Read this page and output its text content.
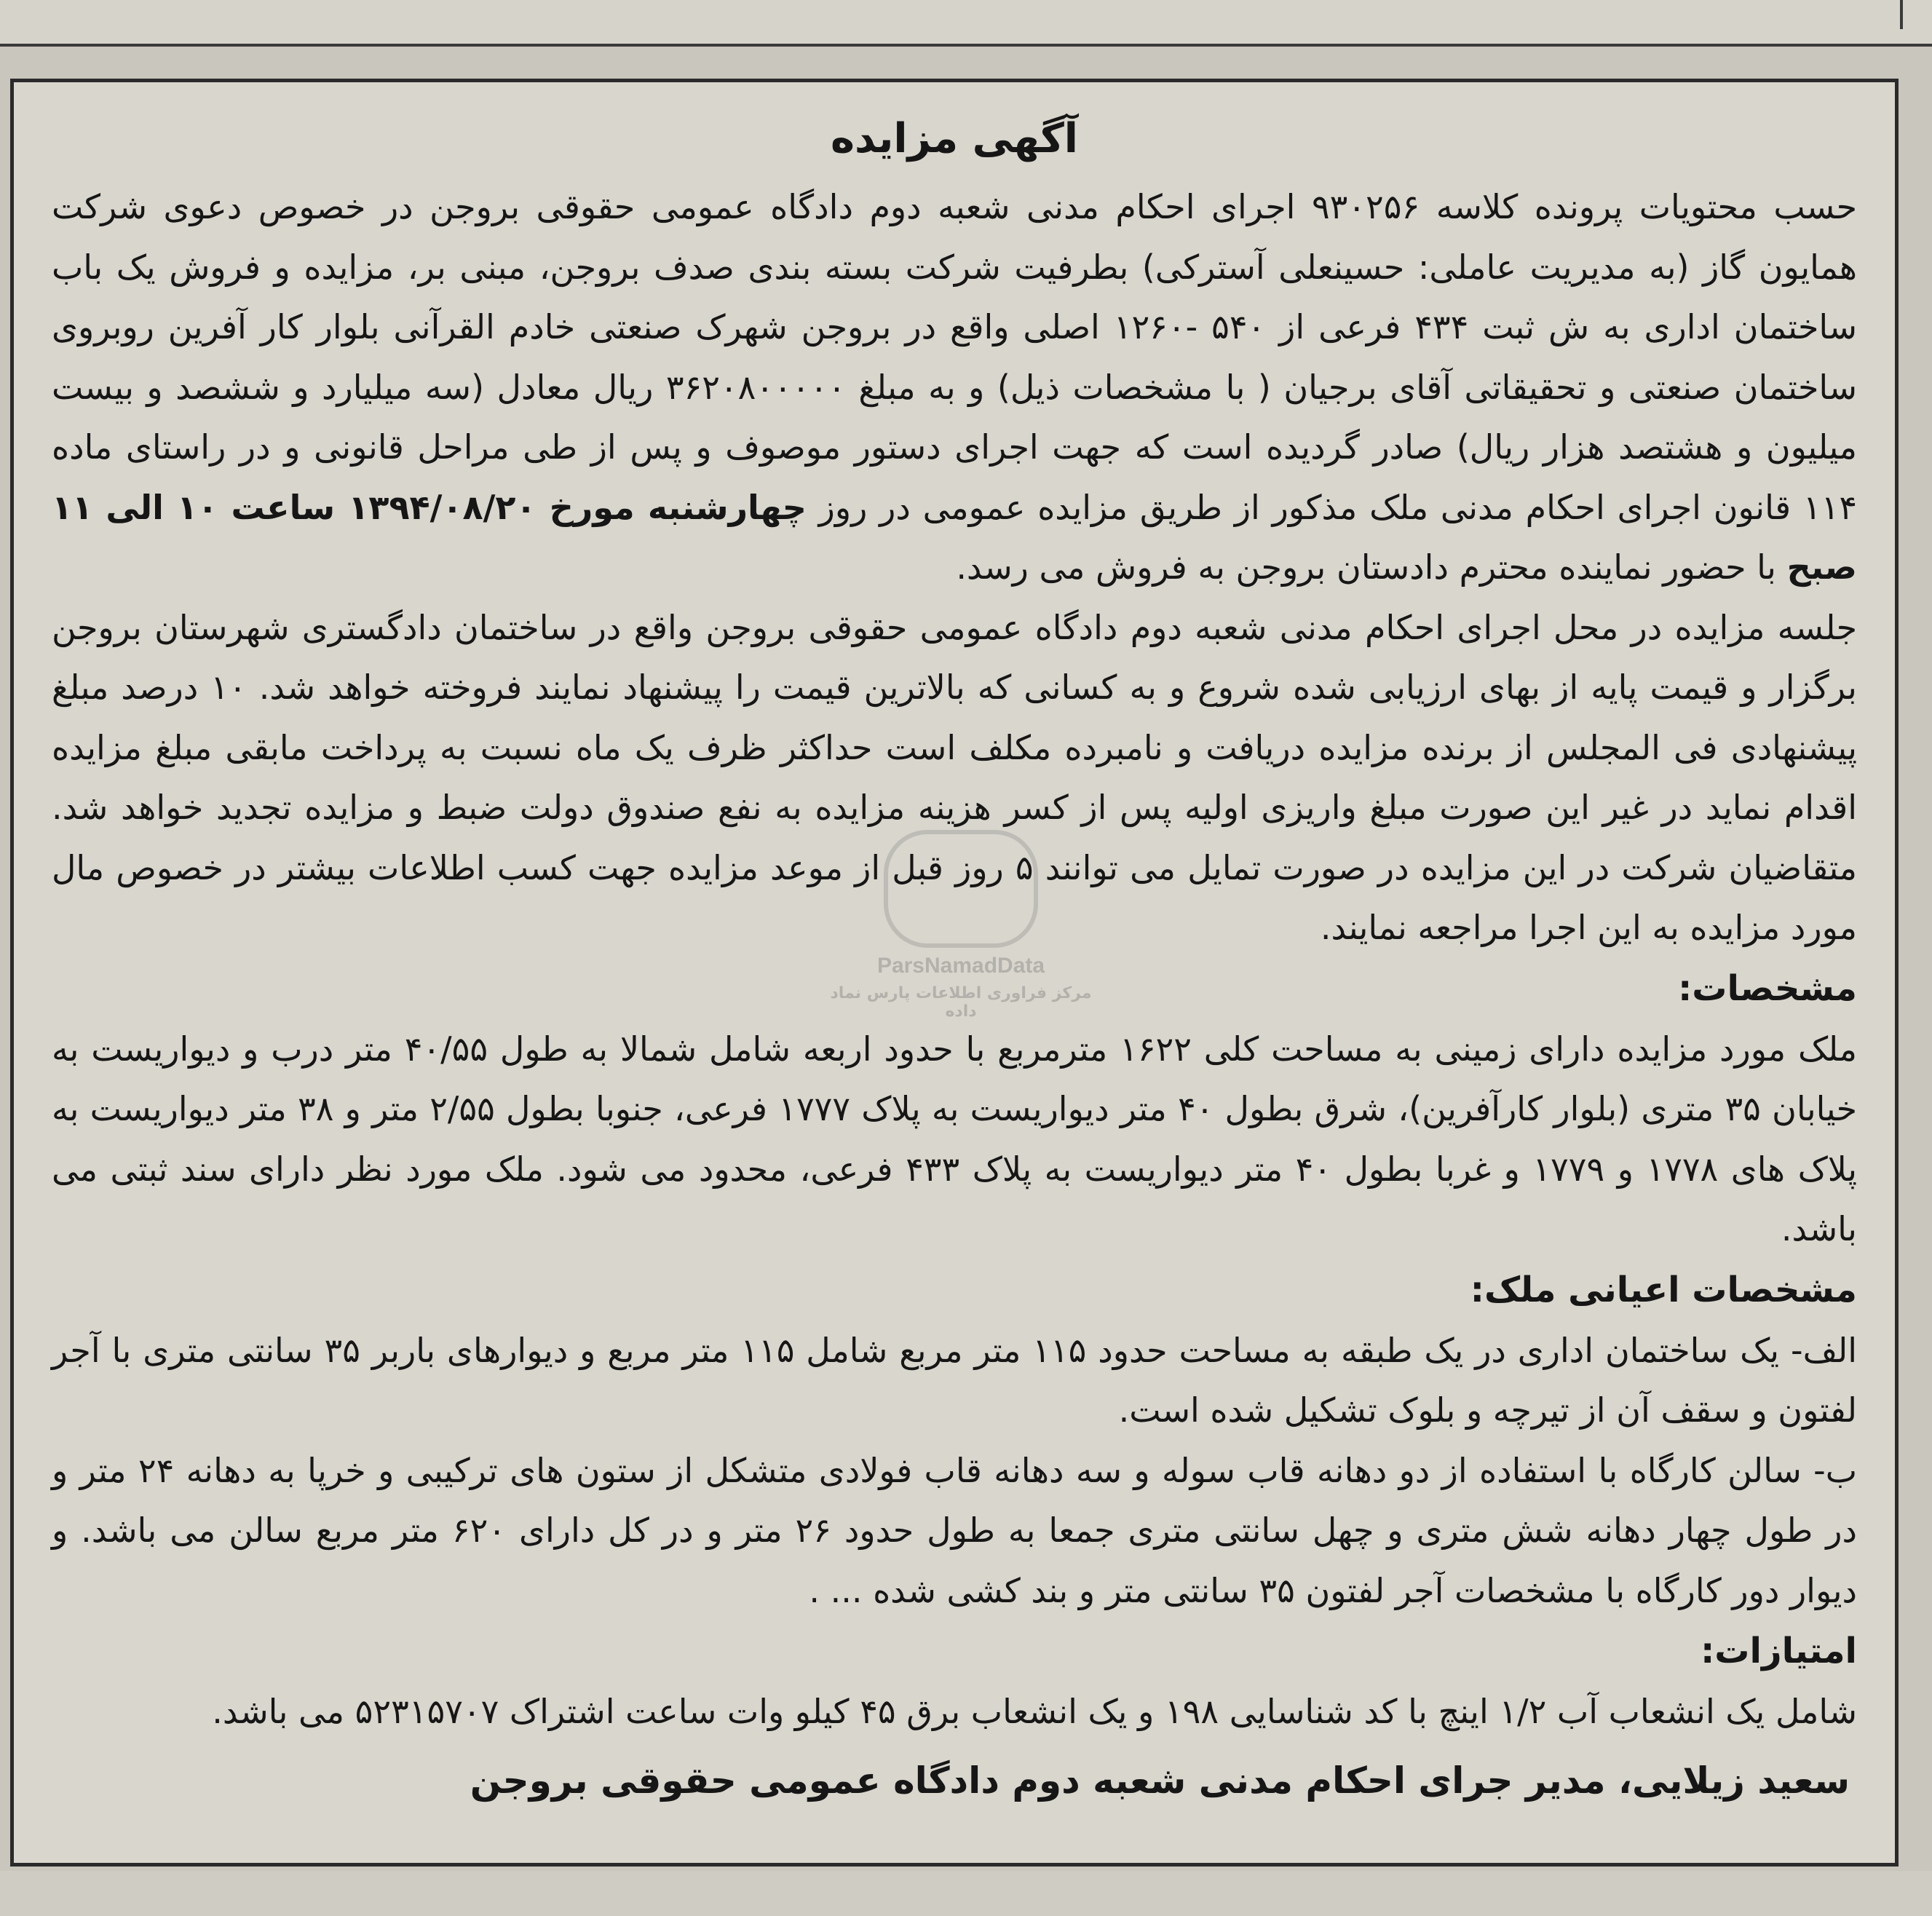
آگهی مزایده

حسب محتویات پرونده کلاسه ۹۳۰۲۵۶ اجرای احکام مدنی شعبه دوم دادگاه عمومی حقوقی بروجن در خصوص دعوی شرکت همایون گاز (به مدیریت عاملی: حسینعلی آسترکی) بطرفیت شرکت بسته بندی صدف بروجن، مبنی بر، مزایده و فروش یک باب ساختمان اداری به ش ثبت ۴۳۴ فرعی از ۵۴۰ -۱۲۶۰ اصلی واقع در بروجن شهرک صنعتی خادم القرآنی بلوار کار آفرین روبروی ساختمان صنعتی و تحقیقاتی آقای برجیان ( با مشخصات ذیل) و به مبلغ ۳۶۲۰۸۰۰۰۰۰ ریال معادل (سه میلیارد و ششصد و بیست میلیون و هشتصد هزار ریال) صادر گردیده است که جهت اجرای دستور موصوف و پس از طی مراحل قانونی و در راستای ماده ۱۱۴ قانون اجرای احکام مدنی ملک مذکور از طریق مزایده عمومی در روز چهارشنبه مورخ ۱۳۹۴/۰۸/۲۰ ساعت ۱۰ الی ۱۱ صبح با حضور نماینده محترم دادستان بروجن به فروش می رسد.

جلسه مزایده در محل اجرای احکام مدنی شعبه دوم دادگاه عمومی حقوقی بروجن واقع در ساختمان دادگستری شهرستان بروجن برگزار و قیمت پایه از بهای ارزیابی شده شروع و به کسانی که بالاترین قیمت را پیشنهاد نمایند فروخته خواهد شد. ۱۰ درصد مبلغ پیشنهادی فی المجلس از برنده مزایده دریافت و نامبرده مکلف است حداکثر ظرف یک ماه نسبت به پرداخت مابقی مبلغ مزایده اقدام نماید در غیر این صورت مبلغ واریزی اولیه پس از کسر هزینه مزایده به نفع صندوق دولت ضبط و مزایده تجدید خواهد شد. متقاضیان شرکت در این مزایده در صورت تمایل می توانند ۵ روز قبل از موعد مزایده جهت کسب اطلاعات بیشتر در خصوص مال مورد مزایده به این اجرا مراجعه نمایند.

مشخصات:

ملک مورد مزایده دارای زمینی به مساحت کلی ۱۶۲۲ مترمربع با حدود اربعه شامل شمالا به طول ۴۰/۵۵ متر درب و دیواریست به خیابان ۳۵ متری (بلوار کارآفرین)، شرق بطول ۴۰ متر دیواریست به پلاک ۱۷۷۷ فرعی، جنوبا بطول ۲/۵۵ متر و ۳۸ متر دیواریست به پلاک های ۱۷۷۸ و ۱۷۷۹ و غربا بطول ۴۰ متر دیواریست به پلاک ۴۳۳ فرعی، محدود می شود. ملک مورد نظر دارای سند ثبتی می باشد.

مشخصات اعیانی ملک:

الف- یک ساختمان اداری در یک طبقه به مساحت حدود ۱۱۵ متر مربع شامل ۱۱۵ متر مربع و دیوارهای باربر ۳۵ سانتی متری با آجر لفتون و سقف آن از تیرچه و بلوک تشکیل شده است.

ب- سالن کارگاه با استفاده از دو دهانه قاب سوله و سه دهانه قاب فولادی متشکل از ستون های ترکیبی و خرپا به دهانه ۲۴ متر و در طول چهار دهانه شش متری و چهل سانتی متری جمعا به طول حدود ۲۶ متر و در کل دارای ۶۲۰ متر مربع سالن می باشد. و دیوار دور کارگاه با مشخصات آجر لفتون ۳۵ سانتی متر و بند کشی شده ... .

امتیازات:

شامل یک انشعاب آب ۱/۲ اینچ با کد شناسایی ۱۹۸ و یک انشعاب برق ۴۵ کیلو وات ساعت اشتراک ۵۲۳۱۵۷۰۷ می باشد.

سعید زیلایی، مدیر جرای احکام مدنی شعبه دوم دادگاه عمومی حقوقی بروجن

ParsNamadData
مرکز فراوری اطلاعات پارس نماد داده
